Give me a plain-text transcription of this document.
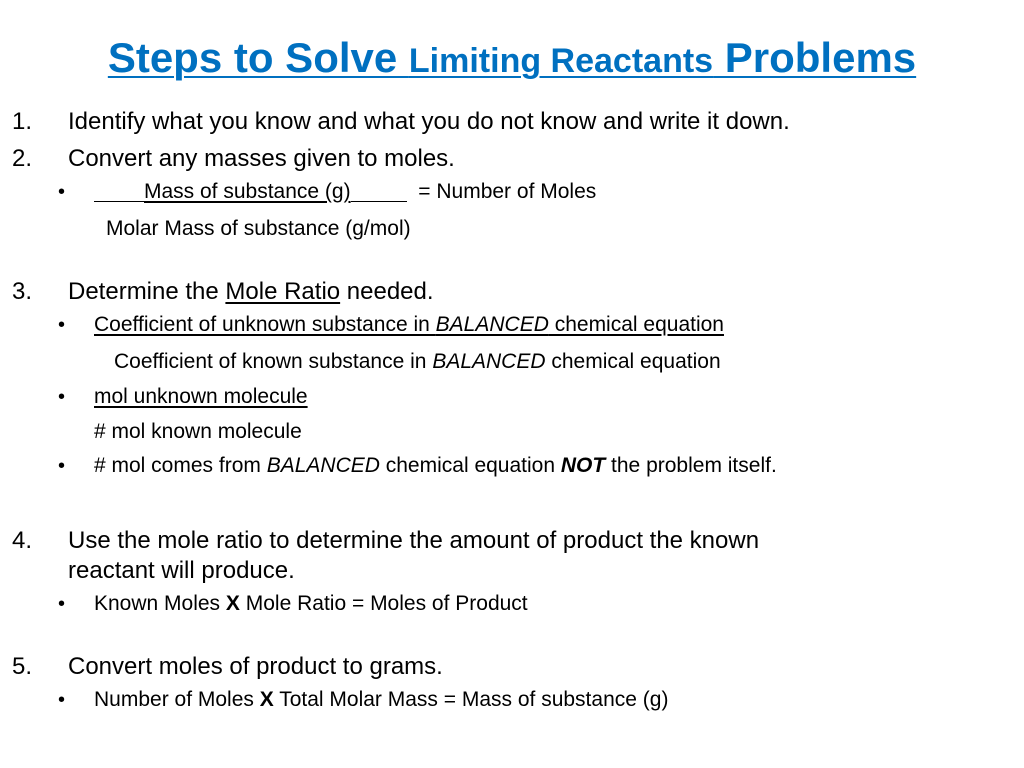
Steps to Solve Limiting Reactants Problems
1. Identify what you know and what you do not know and write it down.
2. Convert any masses given to moles.
•	Mass of substance (g)	= Number of Moles
Molar Mass of substance (g/mol)
3. Determine the Mole Ratio needed.
• Coefficient of unknown substance in BALANCED chemical equation
Coefficient of known substance in BALANCED chemical equation
• mol unknown molecule
# mol known molecule
• # mol comes from BALANCED chemical equation NOT the problem itself.
4. Use the mole ratio to determine the amount of product the known
reactant will produce.
• Known Moles X Mole Ratio = Moles of Product
5. Convert moles of product to grams.
• Number of Moles X Total Molar Mass = Mass of substance (g)
